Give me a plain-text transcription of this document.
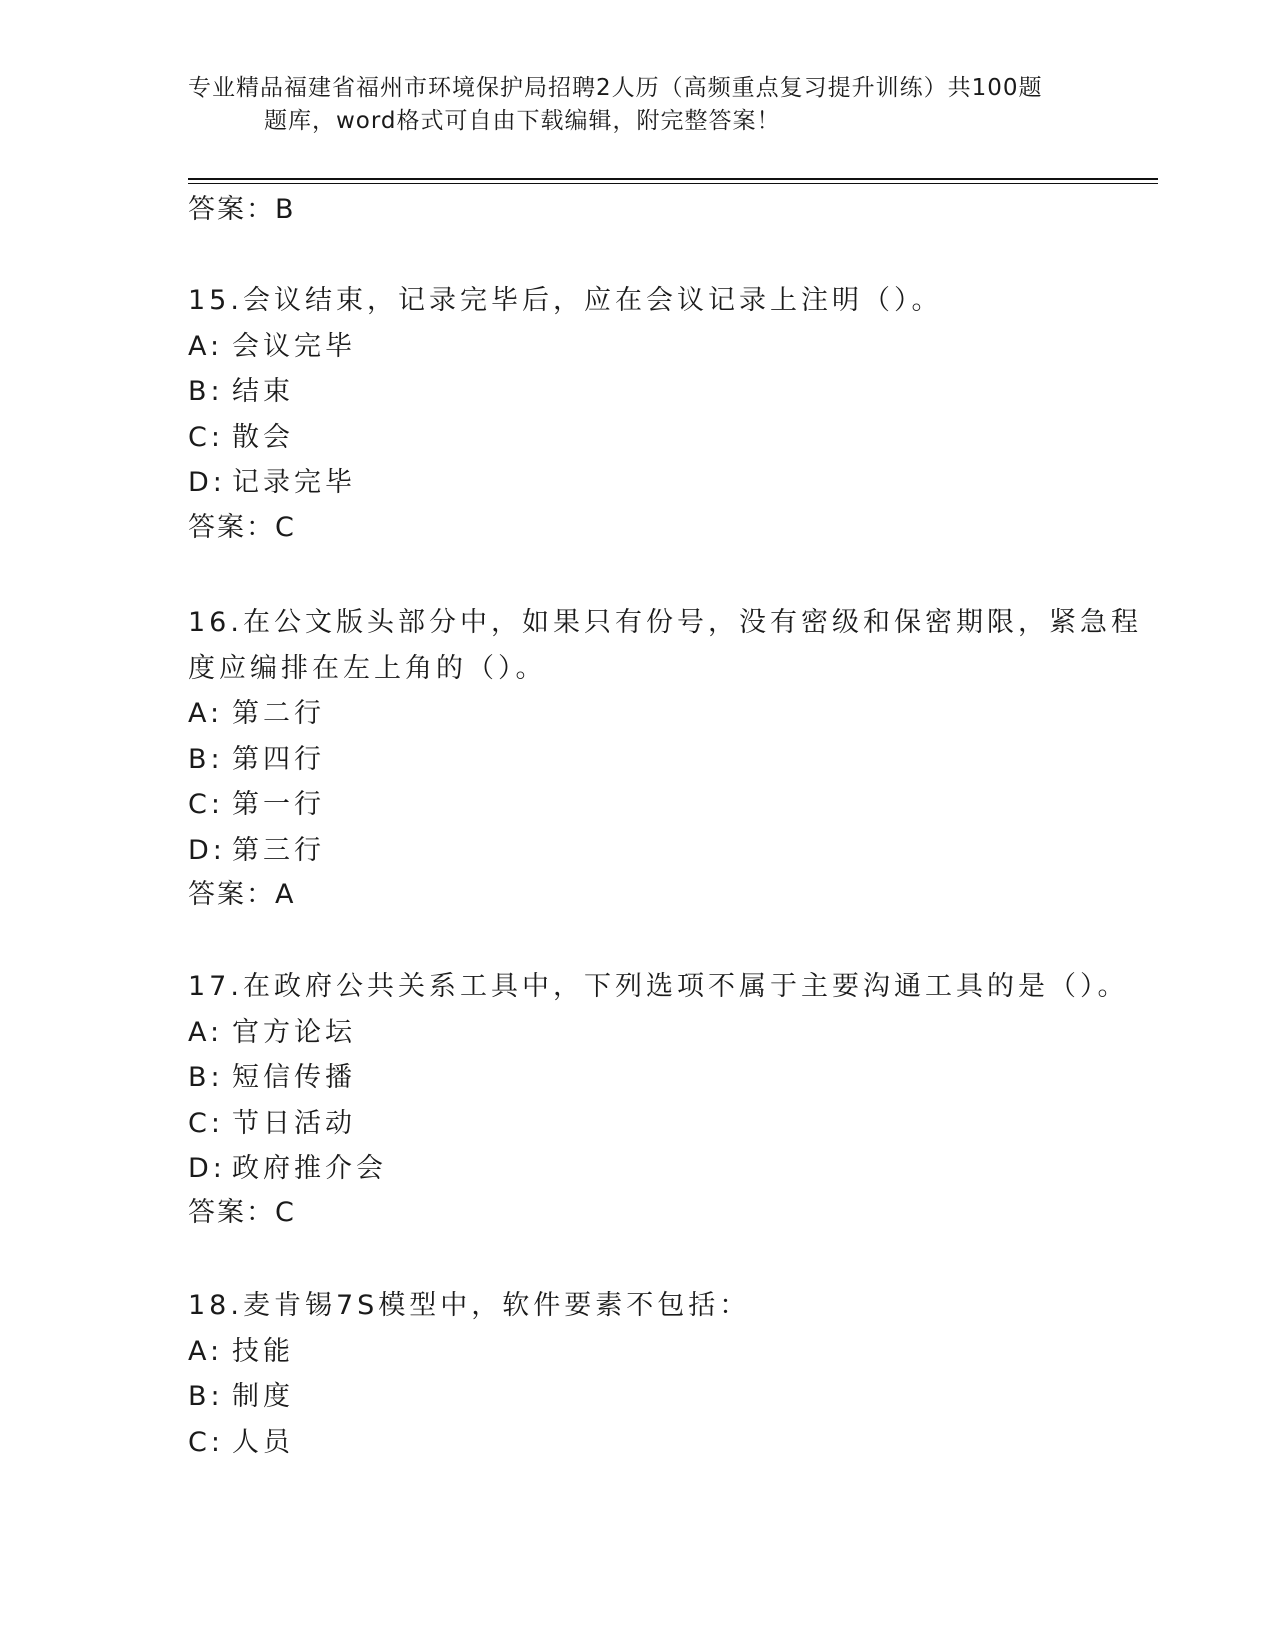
专业精品福建省福州市环境保护局招聘2人历（高频重点复习提升训练）共100题
题库，word格式可自由下载编辑，附完整答案！
答案：B
15.会议结束，记录完毕后，应在会议记录上注明（）。
A: 会议完毕
B: 结束
C: 散会
D: 记录完毕
答案：C
16.在公文版头部分中，如果只有份号，没有密级和保密期限，紧急程
度应编排在左上角的（）。
A: 第二行
B: 第四行
C: 第一行
D: 第三行
答案：A
17.在政府公共关系工具中，下列选项不属于主要沟通工具的是（）。
A: 官方论坛
B: 短信传播
C: 节日活动
D: 政府推介会
答案：C
18.麦肯锡7S模型中，软件要素不包括：
A: 技能
B: 制度
C: 人员
